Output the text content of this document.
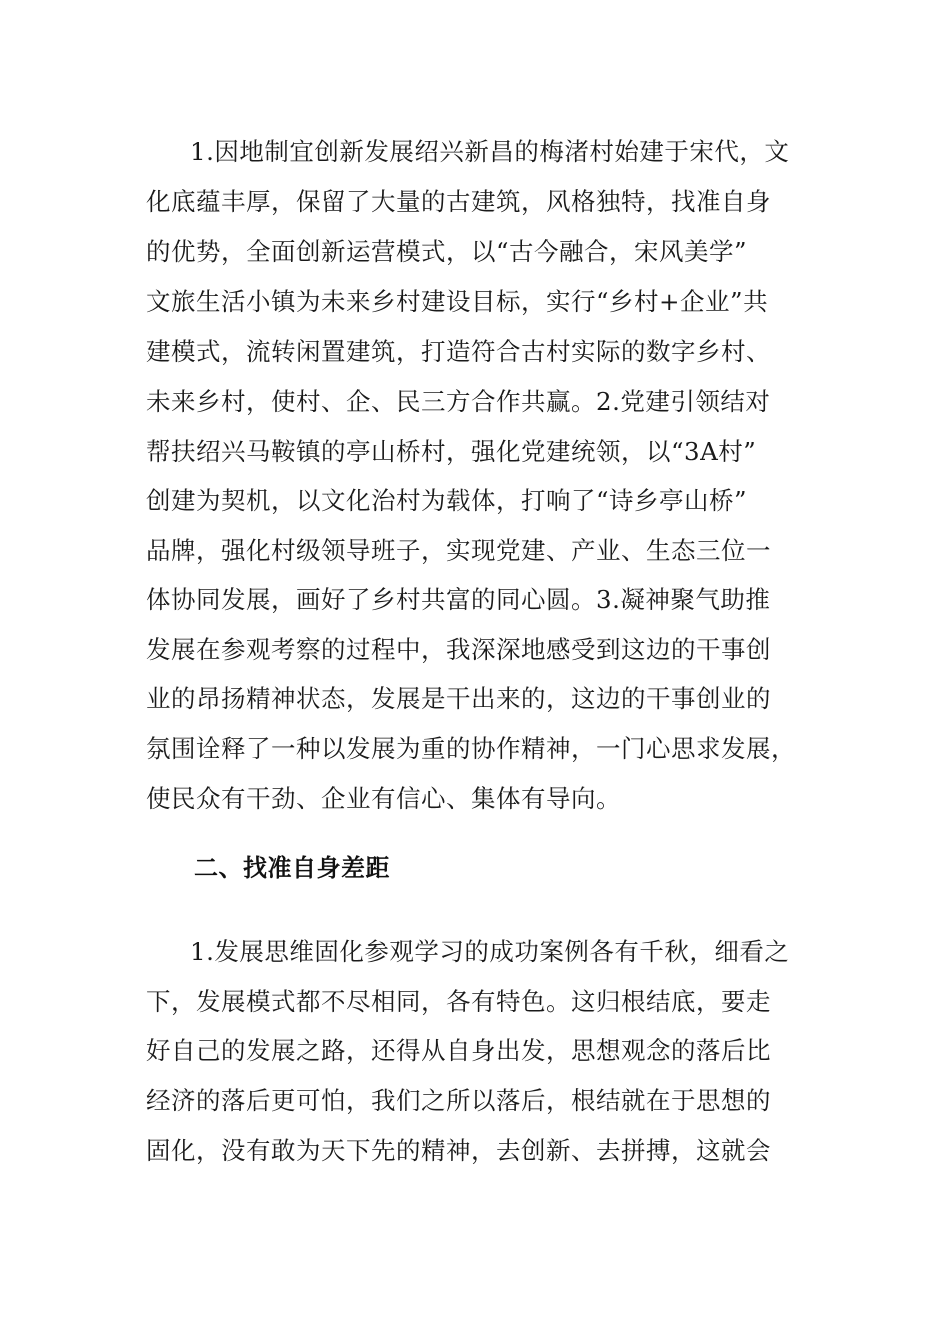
1.因地制宜创新发展绍兴新昌的梅渚村始建于宋代，文
化底蕴丰厚，保留了大量的古建筑，风格独特，找准自身
的优势，全面创新运营模式，以“古今融合，宋风美学”
文旅生活小镇为未来乡村建设目标，实行“乡村+企业”共
建模式，流转闲置建筑，打造符合古村实际的数字乡村、
未来乡村，使村、企、民三方合作共赢。2.党建引领结对
帮扶绍兴马鞍镇的亭山桥村，强化党建统领，以“3A村”
创建为契机，以文化治村为载体，打响了“诗乡亭山桥”
品牌，强化村级领导班子，实现党建、产业、生态三位一
体协同发展，画好了乡村共富的同心圆。3.凝神聚气助推
发展在参观考察的过程中，我深深地感受到这边的干事创
业的昂扬精神状态，发展是干出来的，这边的干事创业的
氛围诠释了一种以发展为重的协作精神，一门心思求发展，
使民众有干劲、企业有信心、集体有导向。
二、找准自身差距
1.发展思维固化参观学习的成功案例各有千秋，细看之
下，发展模式都不尽相同，各有特色。这归根结底，要走
好自己的发展之路，还得从自身出发，思想观念的落后比
经济的落后更可怕，我们之所以落后，根结就在于思想的
固化，没有敢为天下先的精神，去创新、去拼搏，这就会
